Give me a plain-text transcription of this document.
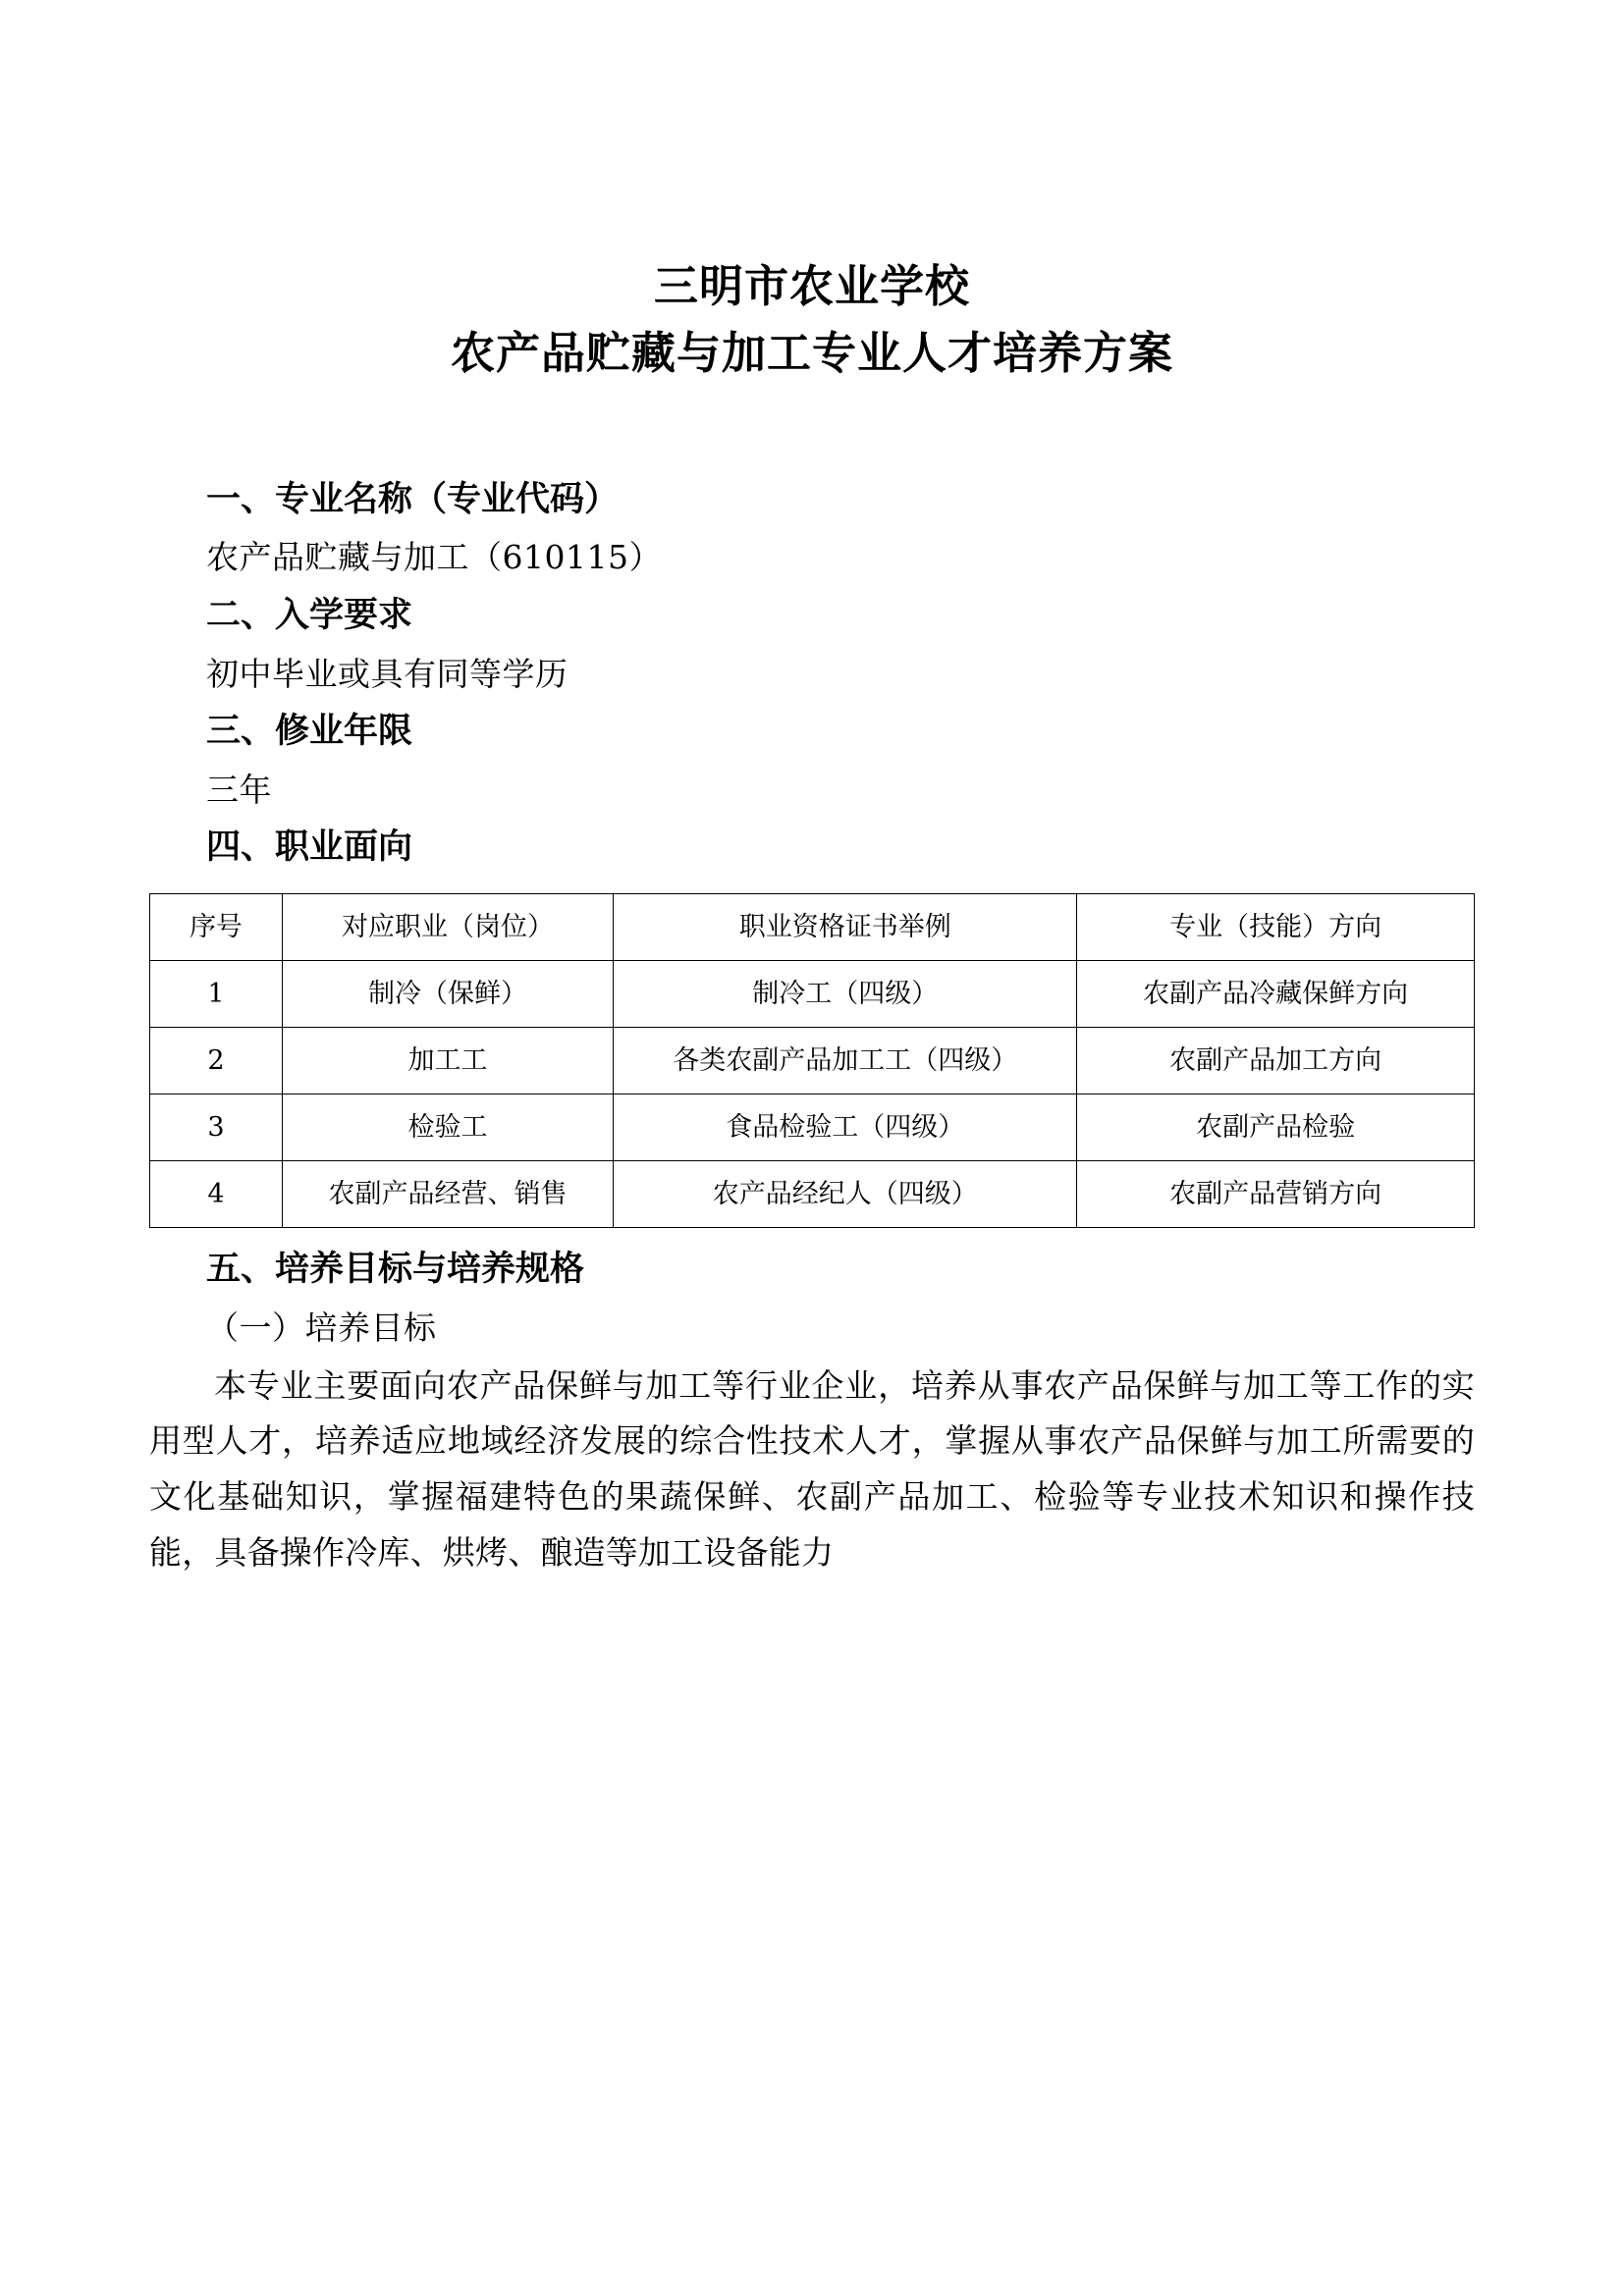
三明市农业学校
农产品贮藏与加工专业人才培养方案
一、专业名称（专业代码）
农产品贮藏与加工（610115）
二、入学要求
初中毕业或具有同等学历
三、修业年限
三年
四、职业面向
序号	对应职业（岗位）	职业资格证书举例	专业（技能）方向
1	制冷（保鲜）	制冷工（四级）	农副产品冷藏保鲜方向
2	加工工	各类农副产品加工工（四级）	农副产品加工方向
3	检验工	食品检验工（四级）	农副产品检验
4	农副产品经营、销售	农产品经纪人（四级）	农副产品营销方向
五、培养目标与培养规格
（一）培养目标
本专业主要面向农产品保鲜与加工等行业企业，培养从事农产品保鲜与加工等工作的实用型人才，培养适应地域经济发展的综合性技术人才，掌握从事农产品保鲜与加工所需要的文化基础知识，掌握福建特色的果蔬保鲜、农副产品加工、检验等专业技术知识和操作技能，具备操作冷库、烘烤、酿造等加工设备能力
